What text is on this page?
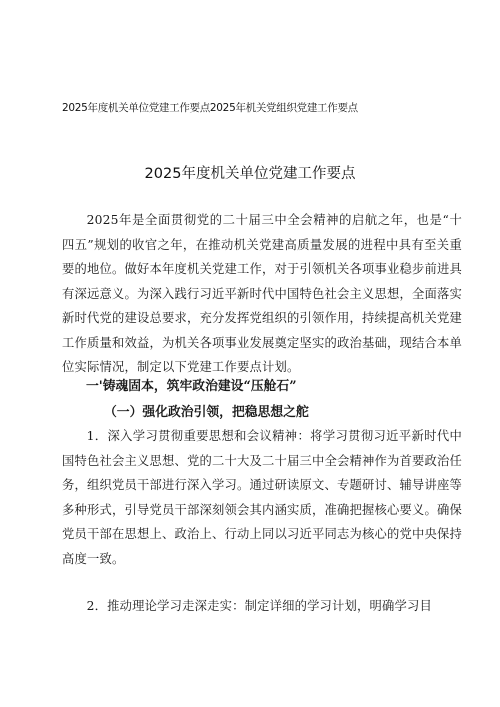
2025年度机关单位党建工作要点2025年机关党组织党建工作要点
2025年度机关单位党建工作要点

2025年是全面贯彻党的二十届三中全会精神的启航之年，也是“十四五”规划的收官之年，在推动机关党建高质量发展的进程中具有至关重要的地位。做好本年度机关党建工作，对于引领机关各项事业稳步前进具有深远意义。为深入践行习近平新时代中国特色社会主义思想，全面落实新时代党的建设总要求，充分发挥党组织的引领作用，持续提高机关党建工作质量和效益，为机关各项事业发展奠定坚实的政治基础，现结合本单位实际情况，制定以下党建工作要点计划。

一'铸魂固本，筑牢政治建设“压舱石”
（一）强化政治引领，把稳思想之舵

1．深入学习贯彻重要思想和会议精神：将学习贯彻习近平新时代中国特色社会主义思想、党的二十大及二十届三中全会精神作为首要政治任务，组织党员干部进行深入学习。通过研读原文、专题研讨、辅导讲座等多种形式，引导党员干部深刻领会其内涵实质，准确把握核心要义。确保党员干部在思想上、政治上、行动上同以习近平同志为核心的党中央保持高度一致。

2．推动理论学习走深走实：制定详细的学习计划，明确学习目
